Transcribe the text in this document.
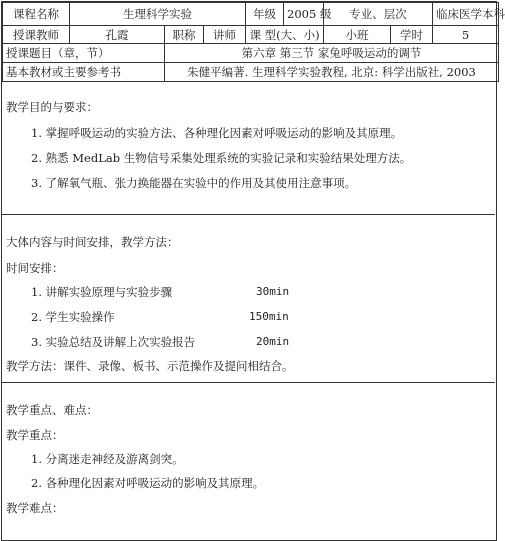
课程名称	生理科学实验			年级	2005 级	专业、层次		临床医学本科
授课教师	孔霞	职称	讲师	课 型(大、小)		小班	学时	5
授课题目（章，节）		第六章 第三节 家兔呼吸运动的调节						
基本教材或主要参考书		朱健平编著. 生理科学实验教程, 北京: 科学出版社, 2003						
教学目的与要求：
1. 掌握呼吸运动的实验方法、各种理化因素对呼吸运动的影响及其原理。
2. 熟悉 MedLab 生物信号采集处理系统的实验记录和实验结果处理方法。
3. 了解氧气瓶、张力换能器在实验中的作用及其使用注意事项。
大体内容与时间安排，教学方法：
时间安排：
1. 讲解实验原理与实验步骤	30min
2. 学生实验操作	150min
3. 实验总结及讲解上次实验报告	20min
教学方法：课件、录像、板书、示范操作及提问相结合。
教学重点、难点：
教学重点：
1. 分离迷走神经及游离剑突。
2. 各种理化因素对呼吸运动的影响及其原理。
教学难点：
